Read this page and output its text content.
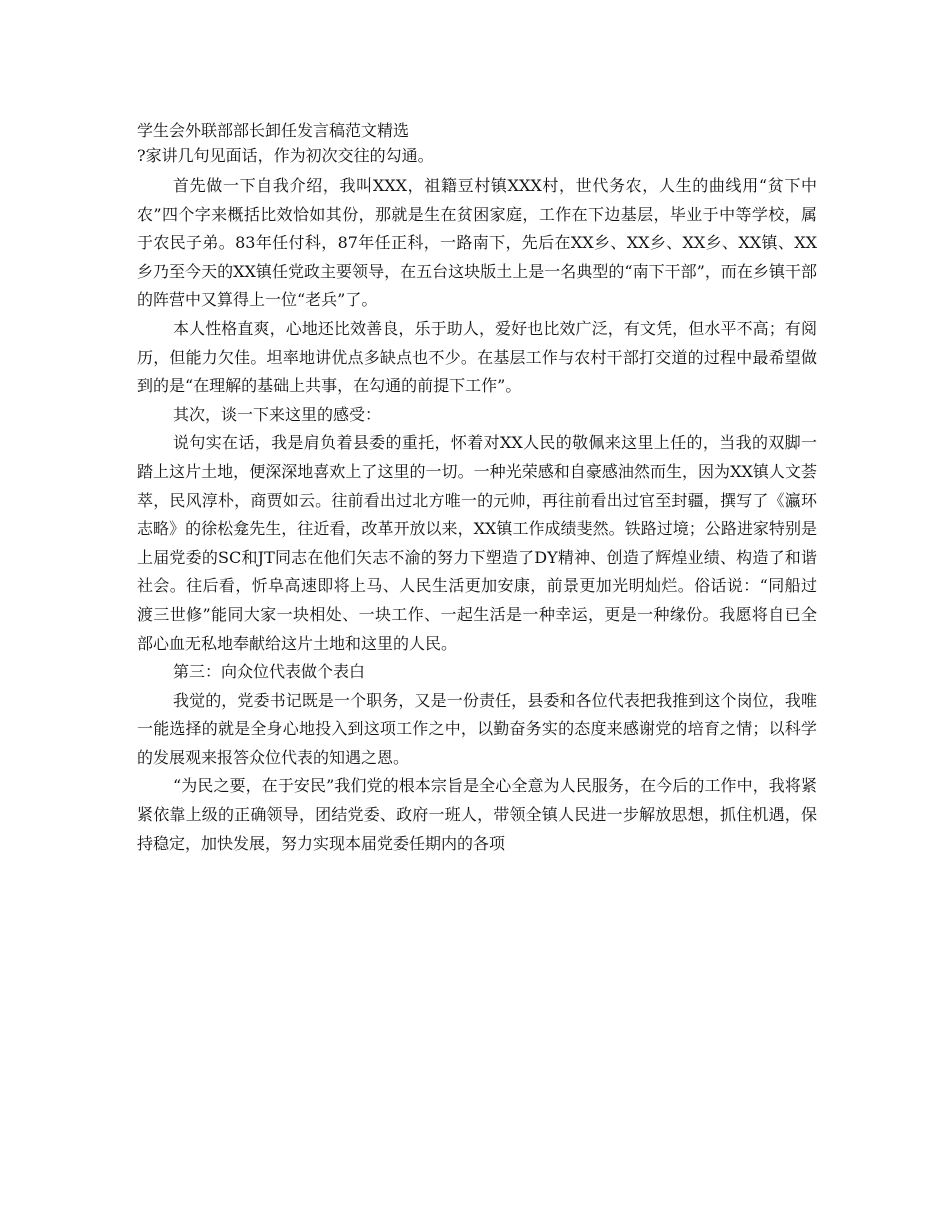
学生会外联部部长卸任发言稿范文精选

?家讲几句见面话，作为初次交往的勾通。

首先做一下自我介绍，我叫XXX，祖籍豆村镇XXX村，世代务农，人生的曲线用“贫下中农”四个字来概括比效恰如其份，那就是生在贫困家庭，工作在下边基层，毕业于中等学校，属于农民子弟。83年任付科，87年任正科，一路南下，先后在XX乡、XX乡、XX乡、XX镇、XX乡乃至今天的XX镇任党政主要领导，在五台这块版土上是一名典型的“南下干部”，而在乡镇干部的阵营中又算得上一位“老兵”了。

本人性格直爽，心地还比效善良，乐于助人，爱好也比效广泛，有文凭，但水平不高；有阅历，但能力欠佳。坦率地讲优点多缺点也不少。在基层工作与农村干部打交道的过程中最希望做到的是“在理解的基础上共事，在勾通的前提下工作”。

其次，谈一下来这里的感受：

说句实在话，我是肩负着县委的重托，怀着对XX人民的敬佩来这里上任的，当我的双脚一踏上这片土地，便深深地喜欢上了这里的一切。一种光荣感和自豪感油然而生，因为XX镇人文荟萃，民风淳朴，商贾如云。往前看出过北方唯一的元帅，再往前看出过官至封疆，撰写了《瀛环志略》的徐松龛先生，往近看，改革开放以来，XX镇工作成绩斐然。铁路过境；公路进家特别是上届党委的SC和JT同志在他们矢志不渝的努力下塑造了DY精神、创造了辉煌业绩、构造了和谐社会。往后看，忻阜高速即将上马、人民生活更加安康，前景更加光明灿烂。俗话说：“同船过渡三世修”能同大家一块相处、一块工作、一起生活是一种幸运，更是一种缘份。我愿将自已全部心血无私地奉献给这片土地和这里的人民。

第三：向众位代表做个表白

我觉的，党委书记既是一个职务，又是一份责任，县委和各位代表把我推到这个岗位，我唯一能选择的就是全身心地投入到这项工作之中，以勤奋务实的态度来感谢党的培育之情；以科学的发展观来报答众位代表的知遇之恩。

“为民之要，在于安民”我们党的根本宗旨是全心全意为人民服务，在今后的工作中，我将紧紧依靠上级的正确领导，团结党委、政府一班人，带领全镇人民进一步解放思想，抓住机遇，保持稳定，加快发展，努力实现本届党委任期内的各项
